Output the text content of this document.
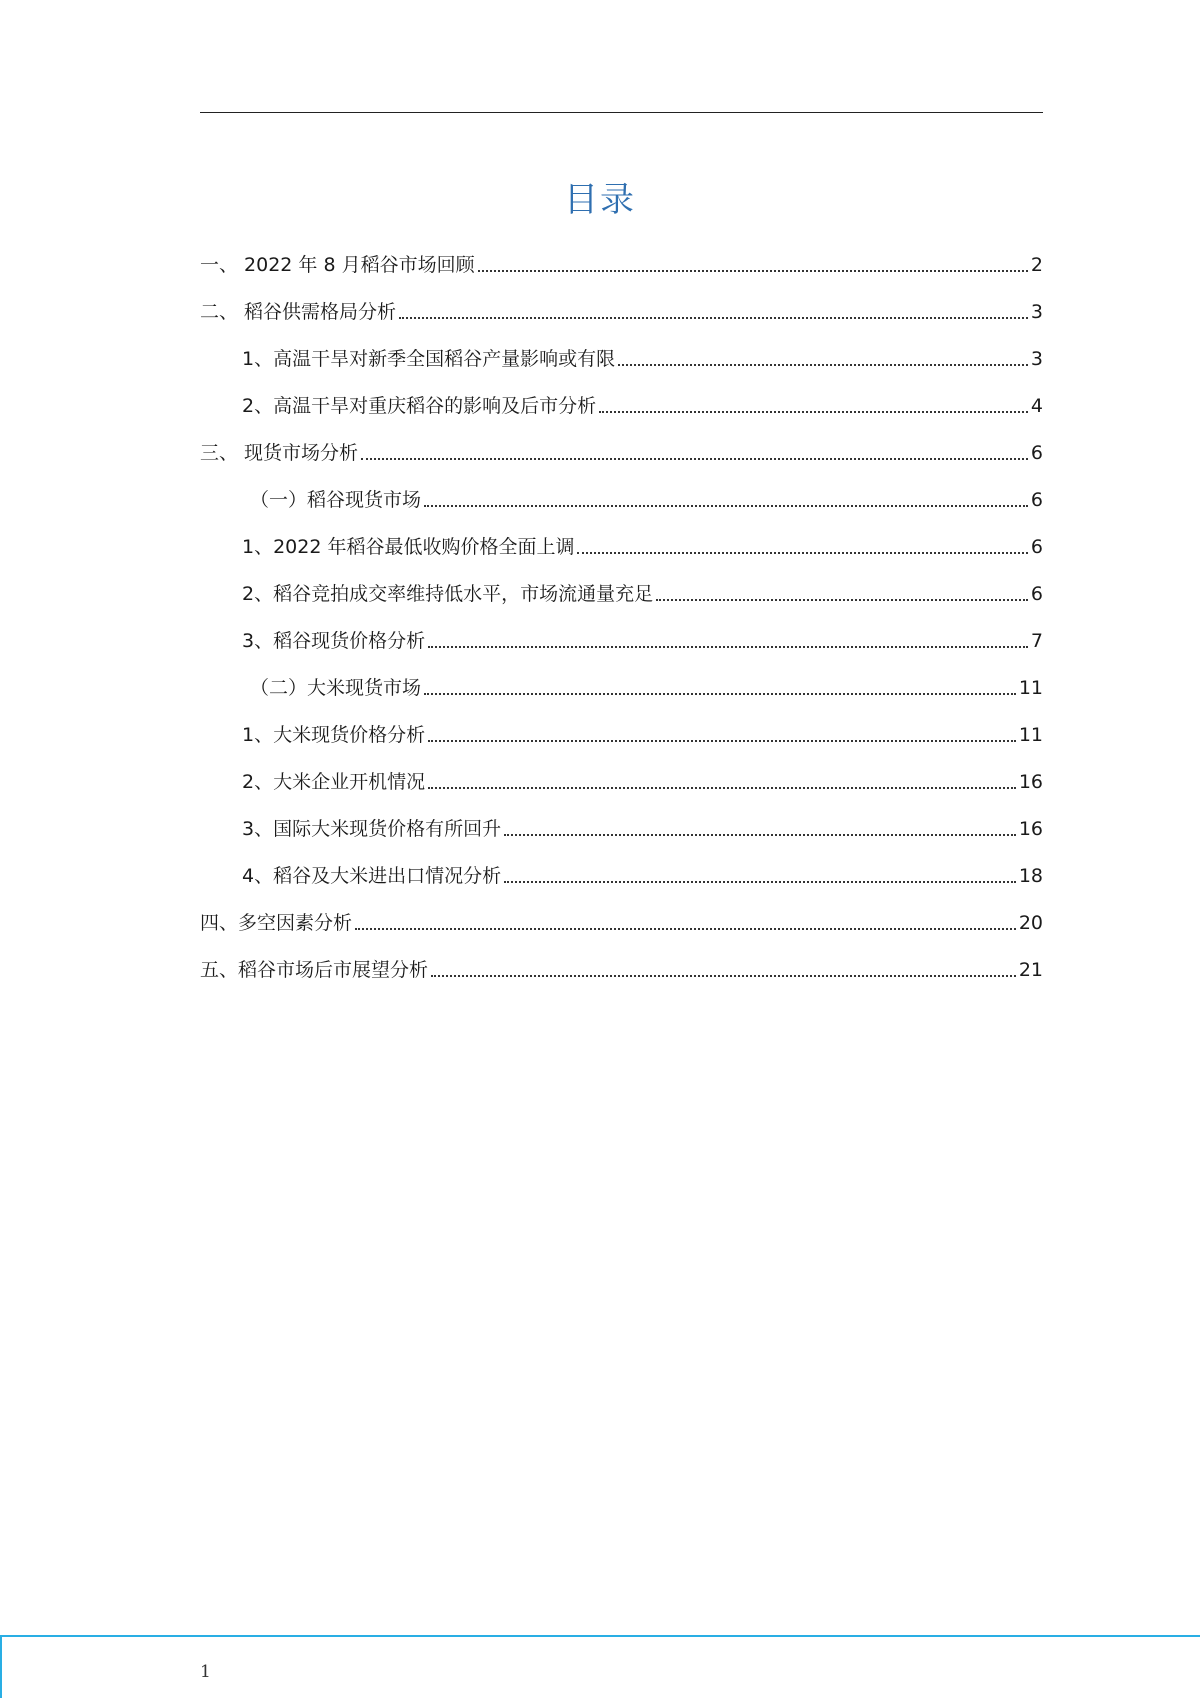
目录
一、 2022 年 8 月稻谷市场回顾	2
二、 稻谷供需格局分析	3
1、高温干旱对新季全国稻谷产量影响或有限	3
2、高温干旱对重庆稻谷的影响及后市分析	4
三、 现货市场分析	6
（一）稻谷现货市场	6
1、2022 年稻谷最低收购价格全面上调	6
2、稻谷竞拍成交率维持低水平，市场流通量充足	6
3、稻谷现货价格分析	7
（二）大米现货市场	11
1、大米现货价格分析	11
2、大米企业开机情况	16
3、国际大米现货价格有所回升	16
4、稻谷及大米进出口情况分析	18
四、多空因素分析	20
五、稻谷市场后市展望分析	21
1
